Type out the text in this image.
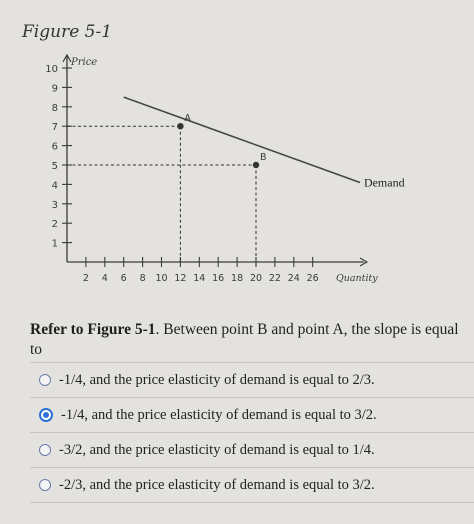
Figure 5-1
1
2
3
4
5
6
7
8
9
10
2 4 6 8 10 12 14 16 18 20 22 24 26
Price
Quantity
Demand
A
B
Refer to Figure 5-1. Between point B and point A, the slope is equal to
-1/4, and the price elasticity of demand is equal to 2/3.
-1/4, and the price elasticity of demand is equal to 3/2.
-3/2, and the price elasticity of demand is equal to 1/4.
-2/3, and the price elasticity of demand is equal to 3/2.
